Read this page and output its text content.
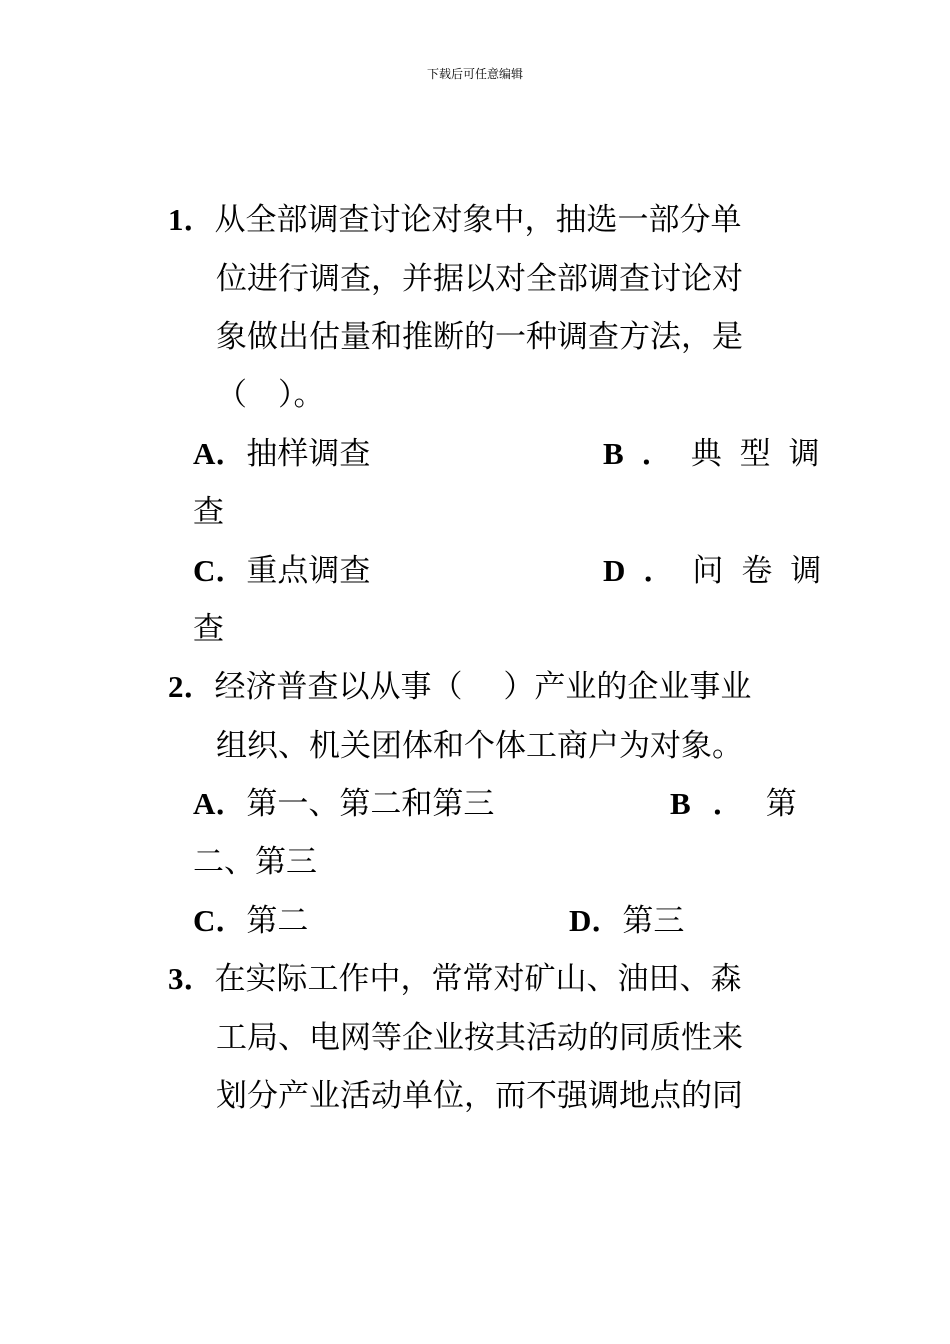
下载后可任意编辑
1．从全部调查讨论对象中，抽选一部分单
位进行调查，并据以对全部调查讨论对
象做出估量和推断的一种调查方法，是
（　）。
A．抽样调查	B．典型调
查
C．重点调查	D．问卷调
查
2．经济普查以从事（　 ）产业的企业事业
组织、机关团体和个体工商户为对象。
A．第一、第二和第三	B．第
二、第三
C．第二	D．第三
3．在实际工作中，常常对矿山、油田、森
工局、电网等企业按其活动的同质性来
划分产业活动单位，而不强调地点的同
